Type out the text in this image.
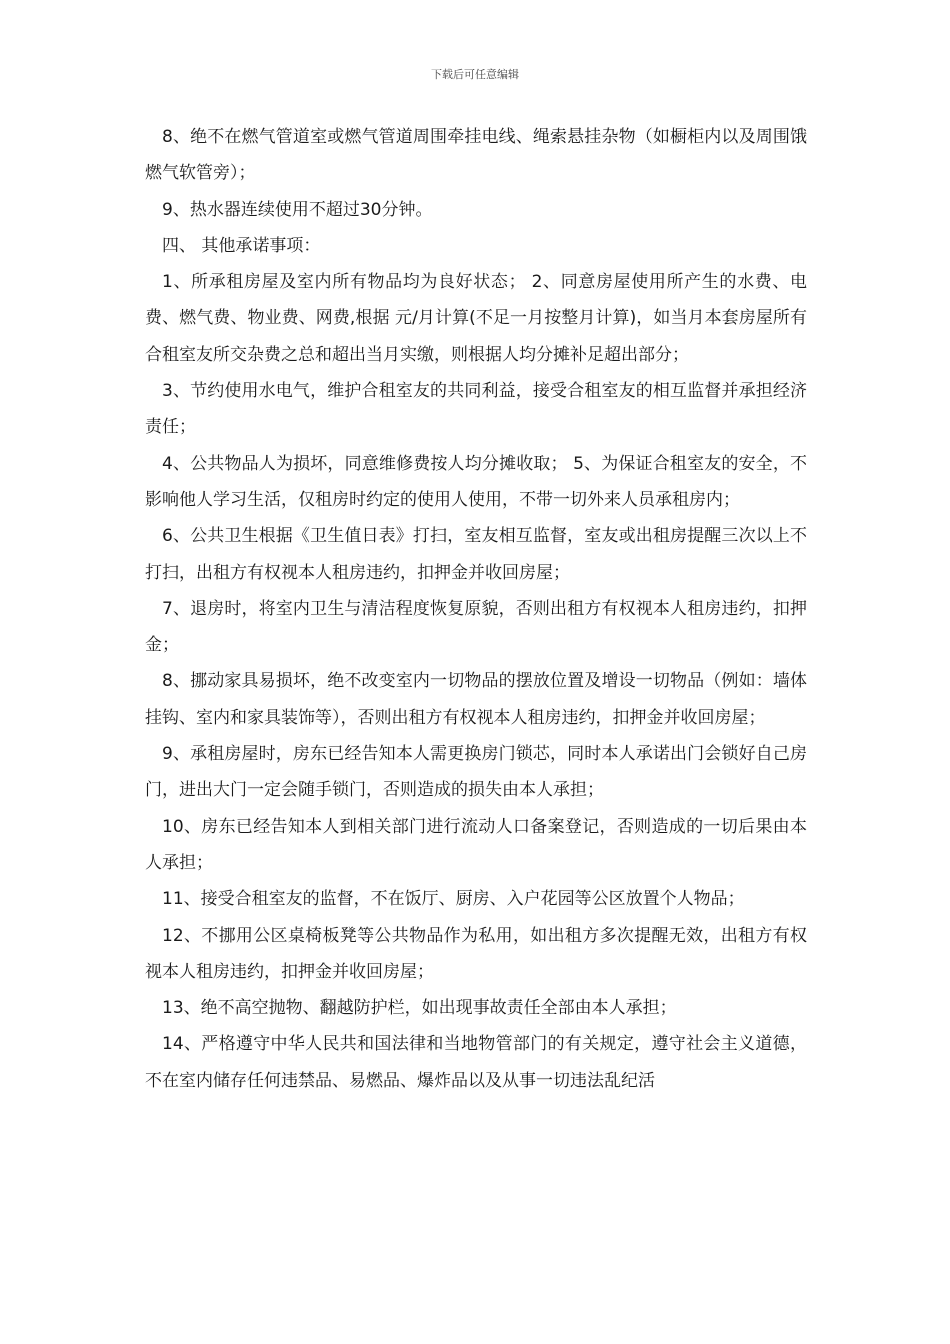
下载后可任意编辑

8、绝不在燃气管道室或燃气管道周围牵挂电线、绳索悬挂杂物（如橱柜内以及周围饿燃气软管旁）；

9、热水器连续使用不超过30分钟。

四、 其他承诺事项：

1、所承租房屋及室内所有物品均为良好状态； 2、同意房屋使用所产生的水费、电费、燃气费、物业费、网费,根据 元/月计算(不足一月按整月计算)，如当月本套房屋所有合租室友所交杂费之总和超出当月实缴，则根据人均分摊补足超出部分；

3、节约使用水电气，维护合租室友的共同利益，接受合租室友的相互监督并承担经济责任；

4、公共物品人为损坏，同意维修费按人均分摊收取； 5、为保证合租室友的安全，不影响他人学习生活，仅租房时约定的使用人使用，不带一切外来人员承租房内；

6、公共卫生根据《卫生值日表》打扫，室友相互监督，室友或出租房提醒三次以上不打扫，出租方有权视本人租房违约，扣押金并收回房屋；

7、退房时，将室内卫生与清洁程度恢复原貌，否则出租方有权视本人租房违约，扣押金；

8、挪动家具易损坏，绝不改变室内一切物品的摆放位置及增设一切物品（例如：墙体挂钩、室内和家具装饰等），否则出租方有权视本人租房违约，扣押金并收回房屋；

9、承租房屋时，房东已经告知本人需更换房门锁芯，同时本人承诺出门会锁好自己房门，进出大门一定会随手锁门，否则造成的损失由本人承担；

10、房东已经告知本人到相关部门进行流动人口备案登记，否则造成的一切后果由本人承担；

11、接受合租室友的监督，不在饭厅、厨房、入户花园等公区放置个人物品；

12、不挪用公区桌椅板凳等公共物品作为私用，如出租方多次提醒无效，出租方有权视本人租房违约，扣押金并收回房屋；

13、绝不高空抛物、翻越防护栏，如出现事故责任全部由本人承担；

14、严格遵守中华人民共和国法律和当地物管部门的有关规定，遵守社会主义道德，不在室内储存任何违禁品、易燃品、爆炸品以及从事一切违法乱纪活
